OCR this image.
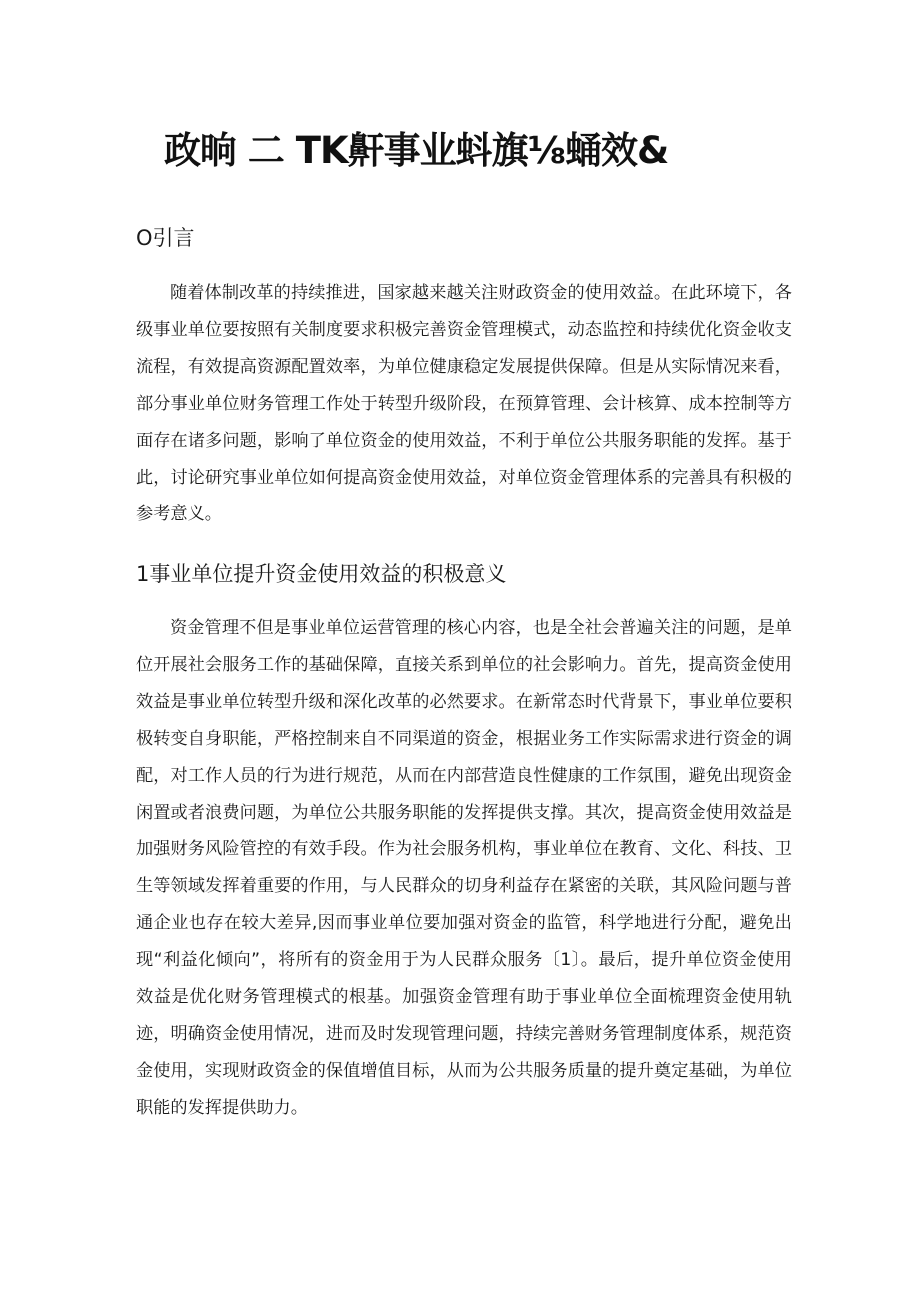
政晌 二 TK鼾事业蚪旗⅛蛹效&
O引言

随着体制改革的持续推进，国家越来越关注财政资金的使用效益。在此环境下，各级事业单位要按照有关制度要求积极完善资金管理模式，动态监控和持续优化资金收支流程，有效提高资源配置效率，为单位健康稳定发展提供保障。但是从实际情况来看，部分事业单位财务管理工作处于转型升级阶段，在预算管理、会计核算、成本控制等方面存在诸多问题，影响了单位资金的使用效益，不利于单位公共服务职能的发挥。基于此，讨论研究事业单位如何提高资金使用效益，对单位资金管理体系的完善具有积极的参考意义。

1事业单位提升资金使用效益的积极意义

资金管理不但是事业单位运营管理的核心内容，也是全社会普遍关注的问题，是单位开展社会服务工作的基础保障，直接关系到单位的社会影响力。首先，提高资金使用效益是事业单位转型升级和深化改革的必然要求。在新常态时代背景下，事业单位要积极转变自身职能，严格控制来自不同渠道的资金，根据业务工作实际需求进行资金的调配，对工作人员的行为进行规范，从而在内部营造良性健康的工作氛围，避免出现资金闲置或者浪费问题，为单位公共服务职能的发挥提供支撑。其次，提高资金使用效益是加强财务风险管控的有效手段。作为社会服务机构，事业单位在教育、文化、科技、卫生等领域发挥着重要的作用，与人民群众的切身利益存在紧密的关联，其风险问题与普通企业也存在较大差异,因而事业单位要加强对资金的监管，科学地进行分配，避免出现“利益化倾向”，将所有的资金用于为人民群众服务〔1〕。最后，提升单位资金使用效益是优化财务管理模式的根基。加强资金管理有助于事业单位全面梳理资金使用轨迹，明确资金使用情况，进而及时发现管理问题，持续完善财务管理制度体系，规范资金使用，实现财政资金的保值增值目标，从而为公共服务质量的提升奠定基础，为单位职能的发挥提供助力。
